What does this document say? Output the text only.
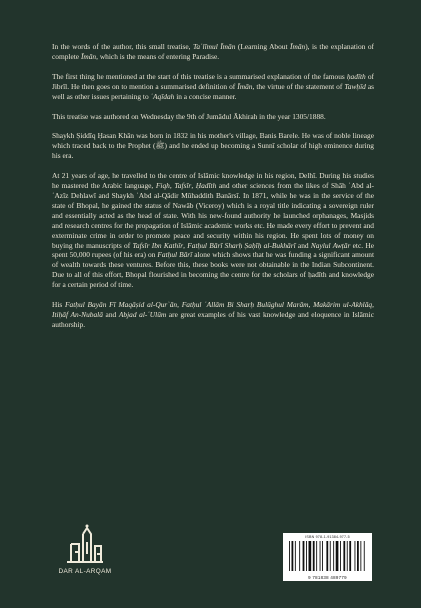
In the words of the author, this small treatise, Taʿlīmul Īmān (Learning About Īmān), is the explanation of complete Īmān, which is the means of entering Paradise.

The first thing he mentioned at the start of this treatise is a summarised explanation of the famous ḥadīth of Jibrīl. He then goes on to mention a summarised definition of Īmān, the virtue of the statement of Tawḥīd as well as other issues pertaining to ʿAqīdah in a concise manner.

This treatise was authored on Wednesday the 9th of Jumādul Ākhirah in the year 1305/1888.

Shaykh Ṣiddīq Ḥasan Khān was born in 1832 in his mother's village, Banis Barele. He was of noble lineage which traced back to the Prophet (ﷺ) and he ended up becoming a Sunnī scholar of high eminence during his era.

At 21 years of age, he travelled to the centre of Islāmic knowledge in his region, Delhī. During his studies he mastered the Arabic language, Fiqh, Tafsīr, Ḥadīth and other sciences from the likes of Shāh ʿAbd al-ʿAzīz Dehlawī and Shaykh ʿAbd al-Qādir Mūhaddith Banārsī. In 1871, while he was in the service of the state of Bhopal, he gained the status of Nawāb (Viceroy) which is a royal title indicating a sovereign ruler and essentially acted as the head of state. With his new-found authority he launched orphanages, Masjids and research centres for the propagation of Islāmic academic works etc. He made every effort to prevent and exterminate crime in order to promote peace and security within his region. He spent lots of money on buying the manuscripts of Tafsīr Ibn Kathīr, Fatḥul Bārī Sharḥ Ṣaḥīḥ al-Bukhārī and Naylul Awṭār etc. He spent 50,000 rupees (of his era) on Fatḥul Bārī alone which shows that he was funding a significant amount of wealth towards these ventures. Before this, these books were not obtainable in the Indian Subcontinent. Due to all of this effort, Bhopal flourished in becoming the centre for the scholars of ḥadīth and knowledge for a certain period of time.

His Fatḥul Bayān Fī Maqāṣid al-Qurʾān, Fatḥul ʿAllām Bi Sharḥ Bulūghul Marām, Makārim ul-Akhlāq, Itiḥāf An-Nubalā and Abjad al-ʿUlūm are great examples of his vast knowledge and eloquence in Islāmic authorship.

DAR AL-ARQAM
ISBN 978-1-91384-977-5
9 781838 489779
